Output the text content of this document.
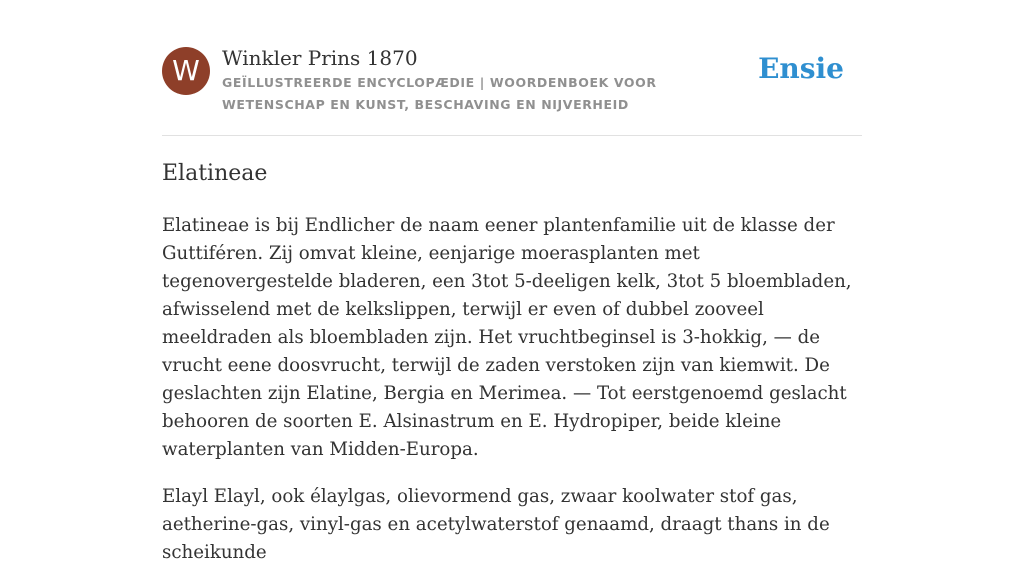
W	Winkler Prins 1870
GEÏLLUSTREERDE ENCYCLOPÆDIE | WOORDENBOEK VOOR WETENSCHAP EN KUNST, BESCHAVING EN NIJVERHEID
Ensie
Elatineae

Elatineae is bij Endlicher de naam eener plantenfamilie uit de klasse der Guttiféren. Zij omvat kleine, eenjarige moerasplanten met tegenovergestelde bladeren, een 3tot 5-deeligen kelk, 3tot 5 bloembladen, afwisselend met de kelkslippen, terwijl er even of dubbel zooveel meeldraden als bloembladen zijn. Het vruchtbeginsel is 3-hokkig, — de vrucht eene doosvrucht, terwijl de zaden verstoken zijn van kiemwit. De geslachten zijn Elatine, Bergia en Merimea. — Tot eerstgenoemd geslacht behooren de soorten E. Alsinastrum en E. Hydropiper, beide kleine waterplanten van Midden-Europa.

Elayl Elayl, ook élaylgas, olievormend gas, zwaar koolwater stof gas, aetherine-gas, vinyl-gas en acetylwaterstof genaamd, draagt thans in de scheikunde
